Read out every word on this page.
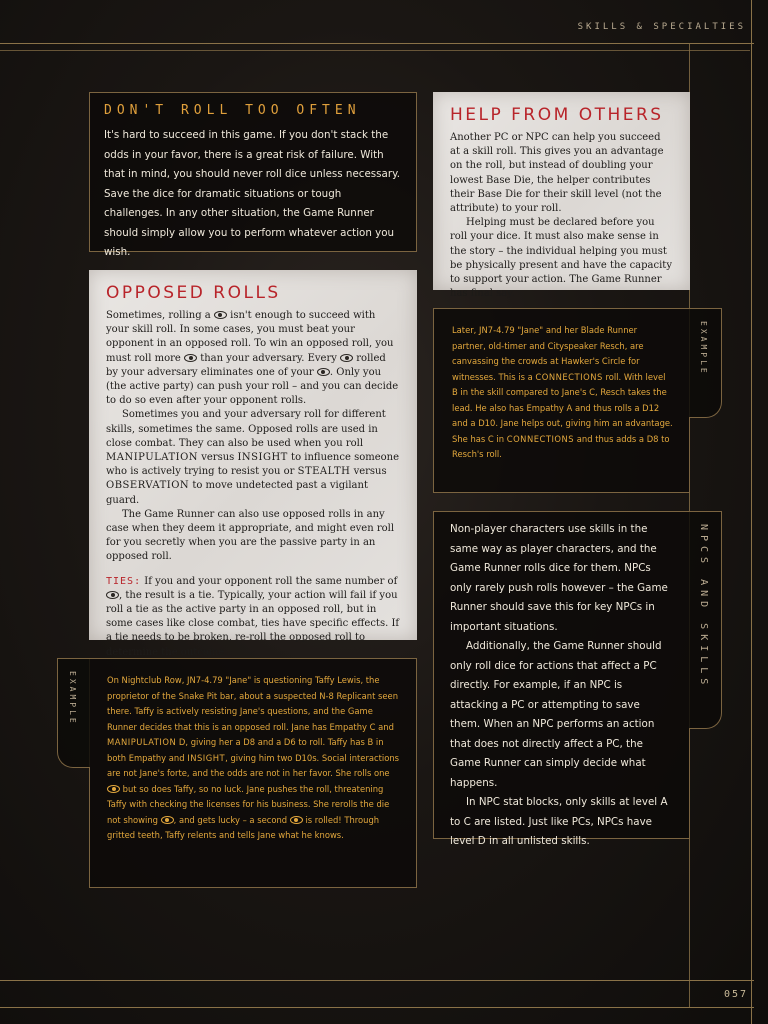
SKILLS & SPECIALTIES
057
DON'T ROLL TOO OFTEN

It's hard to succeed in this game. If you don't stack the odds in your favor, there is a great risk of failure. With that in mind, you should never roll dice unless necessary. Save the dice for dramatic situations or tough challenges. In any other situation, the Game Runner should simply allow you to perform whatever action you wish.

HELP FROM OTHERS

Another PC or NPC can help you succeed at a skill roll. This gives you an advantage on the roll, but instead of doubling your lowest Base Die, the helper contributes their Base Die for their skill level (not the attribute) to your roll.
Helping must be declared before you roll your dice. It must also make sense in the story – the individual helping you must be physically present and have the capacity to support your action. The Game Runner has final say.

OPPOSED ROLLS

Sometimes, rolling a isn't enough to succeed with your skill roll. In some cases, you must beat your opponent in an opposed roll. To win an opposed roll, you must roll more than your adversary. Every rolled by your adversary eliminates one of your . Only you (the active party) can push your roll – and you can decide to do so even after your opponent rolls.

Sometimes you and your adversary roll for different skills, sometimes the same. Opposed rolls are used in close combat. They can also be used when you roll MANIPULATION versus INSIGHT to influence someone who is actively trying to resist you or STEALTH versus OBSERVATION to move undetected past a vigilant guard.

The Game Runner can also use opposed rolls in any case when they deem it appropriate, and might even roll for you secretly when you are the passive party in an opposed roll.

TIES: If you and your opponent roll the same number of , the result is a tie. Typically, your action will fail if you roll a tie as the active party in an opposed roll, but in some cases like close combat, ties have specific effects. If a tie needs to be broken, re-roll the opposed roll to determine the outcome.

Later, JN7-4.79 "Jane" and her Blade Runner partner, old-timer and Cityspeaker Resch, are canvassing the crowds at Hawker's Circle for witnesses. This is a CONNECTIONS roll. With level B in the skill compared to Jane's C, Resch takes the lead. He also has Empathy A and thus rolls a D12 and a D10. Jane helps out, giving him an advantage. She has C in CONNECTIONS and thus adds a D8 to Resch's roll.

EXAMPLE

Non-player characters use skills in the same way as player characters, and the Game Runner rolls dice for them. NPCs only rarely push rolls however – the Game Runner should save this for key NPCs in important situations.
Additionally, the Game Runner should only roll dice for actions that affect a PC directly. For example, if an NPC is attacking a PC or attempting to save them. When an NPC performs an action that does not directly affect a PC, the Game Runner can simply decide what happens.
In NPC stat blocks, only skills at level A to C are listed. Just like PCs, NPCs have level D in all unlisted skills.

NPCS AND SKILLS

On Nightclub Row, JN7-4.79 "Jane" is questioning Taffy Lewis, the proprietor of the Snake Pit bar, about a suspected N-8 Replicant seen there. Taffy is actively resisting Jane's questions, and the Game Runner decides that this is an opposed roll. Jane has Empathy C and MANIPULATION D, giving her a D8 and a D6 to roll. Taffy has B in both Empathy and INSIGHT, giving him two D10s. Social interactions are not Jane's forte, and the odds are not in her favor. She rolls one  but so does Taffy, so no luck. Jane pushes the roll, threatening Taffy with checking the licenses for his business. She rerolls the die not showing , and gets lucky – a second is rolled! Through gritted teeth, Taffy relents and tells Jane what he knows.

EXAMPLE
